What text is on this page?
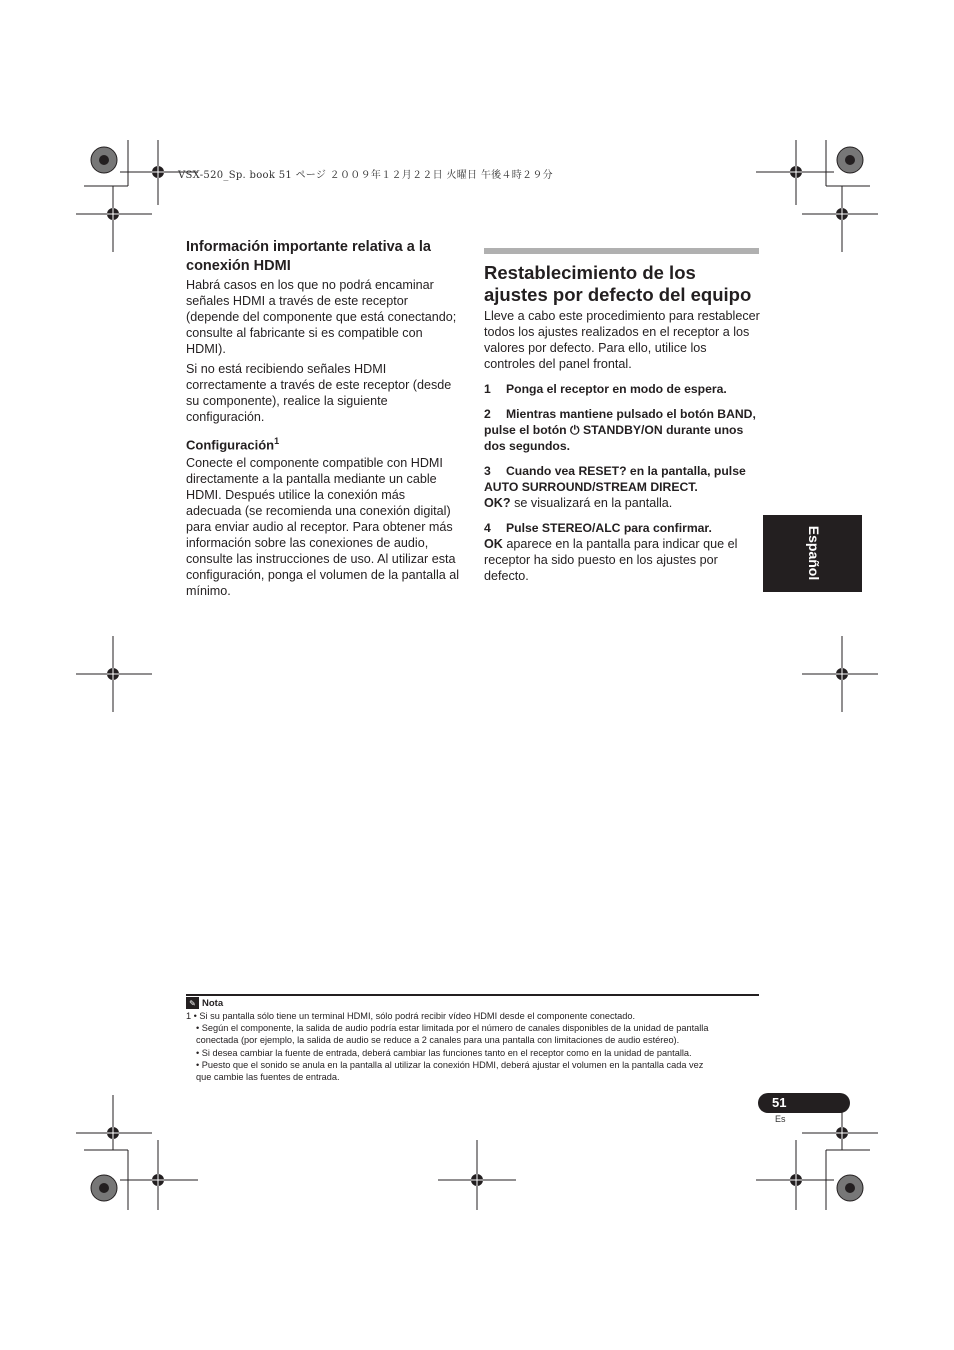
VSX-520_Sp. book 51 ページ ２００９年１２月２２日 火曜日 午後４時２９分

Información importante relativa a la conexión HDMI

Habrá casos en los que no podrá encaminar señales HDMI a través de este receptor (depende del componente que está conectando; consulte al fabricante si es compatible con HDMI).

Si no está recibiendo señales HDMI correctamente a través de este receptor (desde su componente), realice la siguiente configuración.

Configuración$^1$

Conecte el componente compatible con HDMI directamente a la pantalla mediante un cable HDMI. Después utilice la conexión más adecuada (se recomienda una conexión digital) para enviar audio al receptor. Para obtener más información sobre las conexiones de audio, consulte las instrucciones de uso. Al utilizar esta configuración, ponga el volumen de la pantalla al mínimo.

Restablecimiento de los ajustes por defecto del equipo

Lleve a cabo este procedimiento para restablecer todos los ajustes realizados en el receptor a los valores por defecto. Para ello, utilice los controles del panel frontal.

1 Ponga el receptor en modo de espera.

2 Mientras mantiene pulsado el botón BAND, pulse el botón ⏻ STANDBY/ON durante unos dos segundos.

3 Cuando vea RESET? en la pantalla, pulse AUTO SURROUND/STREAM DIRECT.

OK? se visualizará en la pantalla.

4 Pulse STEREO/ALC para confirmar.

OK aparece en la pantalla para indicar que el receptor ha sido puesto en los ajustes por defecto.	Español
✎ Nota
1 • Si su pantalla sólo tiene un terminal HDMI, sólo podrá recibir vídeo HDMI desde el componente conectado.
• Según el componente, la salida de audio podría estar limitada por el número de canales disponibles de la unidad de pantalla
conectada (por ejemplo, la salida de audio se reduce a 2 canales para una pantalla con limitaciones de audio estéreo).
• Si desea cambiar la fuente de entrada, deberá cambiar las funciones tanto en el receptor como en la unidad de pantalla.
• Puesto que el sonido se anula en la pantalla al utilizar la conexión HDMI, deberá ajustar el volumen en la pantalla cada vez
que cambie las fuentes de entrada.
51
Es
